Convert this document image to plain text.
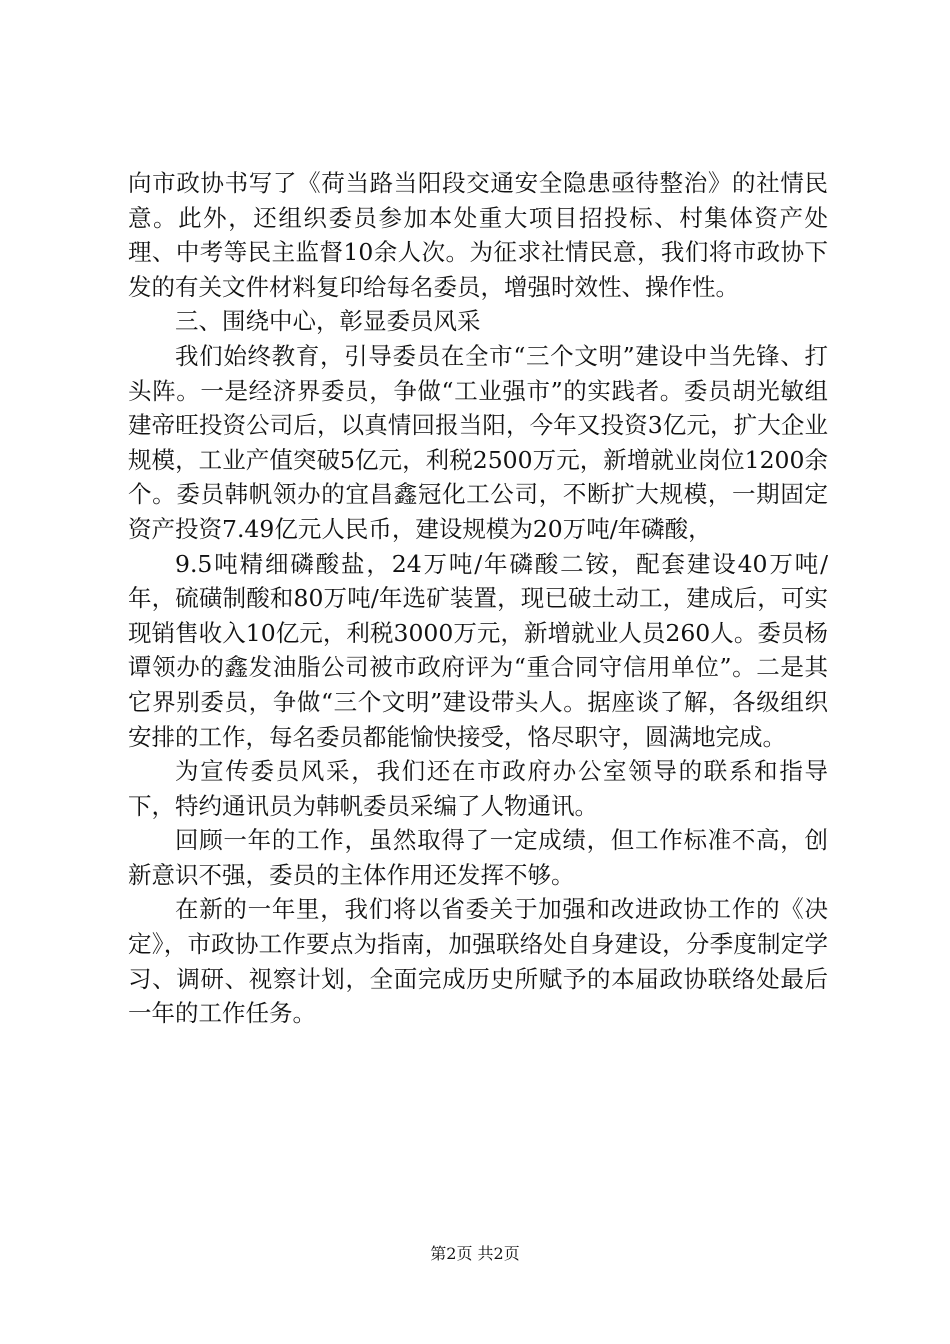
向市政协书写了《荷当路当阳段交通安全隐患亟待整治》的社情民意。此外，还组织委员参加本处重大项目招投标、村集体资产处理、中考等民主监督10余人次。为征求社情民意，我们将市政协下发的有关文件材料复印给每名委员，增强时效性、操作性。

三、围绕中心，彰显委员风采

我们始终教育，引导委员在全市“三个文明”建设中当先锋、打头阵。一是经济界委员，争做“工业强市”的实践者。委员胡光敏组建帝旺投资公司后，以真情回报当阳，今年又投资3亿元，扩大企业规模，工业产值突破5亿元，利税2500万元，新增就业岗位1200余个。委员韩帆领办的宜昌鑫冠化工公司，不断扩大规模，一期固定资产投资7.49亿元人民币，建设规模为20万吨/年磷酸，

9.5吨精细磷酸盐，24万吨/年磷酸二铵，配套建设40万吨/年，硫磺制酸和80万吨/年选矿装置，现已破土动工，建成后，可实现销售收入10亿元，利税3000万元，新增就业人员260人。委员杨谭领办的鑫发油脂公司被市政府评为“重合同守信用单位”。二是其它界别委员，争做“三个文明”建设带头人。据座谈了解，各级组织安排的工作，每名委员都能愉快接受，恪尽职守，圆满地完成。

为宣传委员风采，我们还在市政府办公室领导的联系和指导下，特约通讯员为韩帆委员采编了人物通讯。

回顾一年的工作，虽然取得了一定成绩，但工作标准不高，创新意识不强，委员的主体作用还发挥不够。

在新的一年里，我们将以省委关于加强和改进政协工作的《决定》，市政协工作要点为指南，加强联络处自身建设，分季度制定学习、调研、视察计划，全面完成历史所赋予的本届政协联络处最后一年的工作任务。

第2页 共2页
